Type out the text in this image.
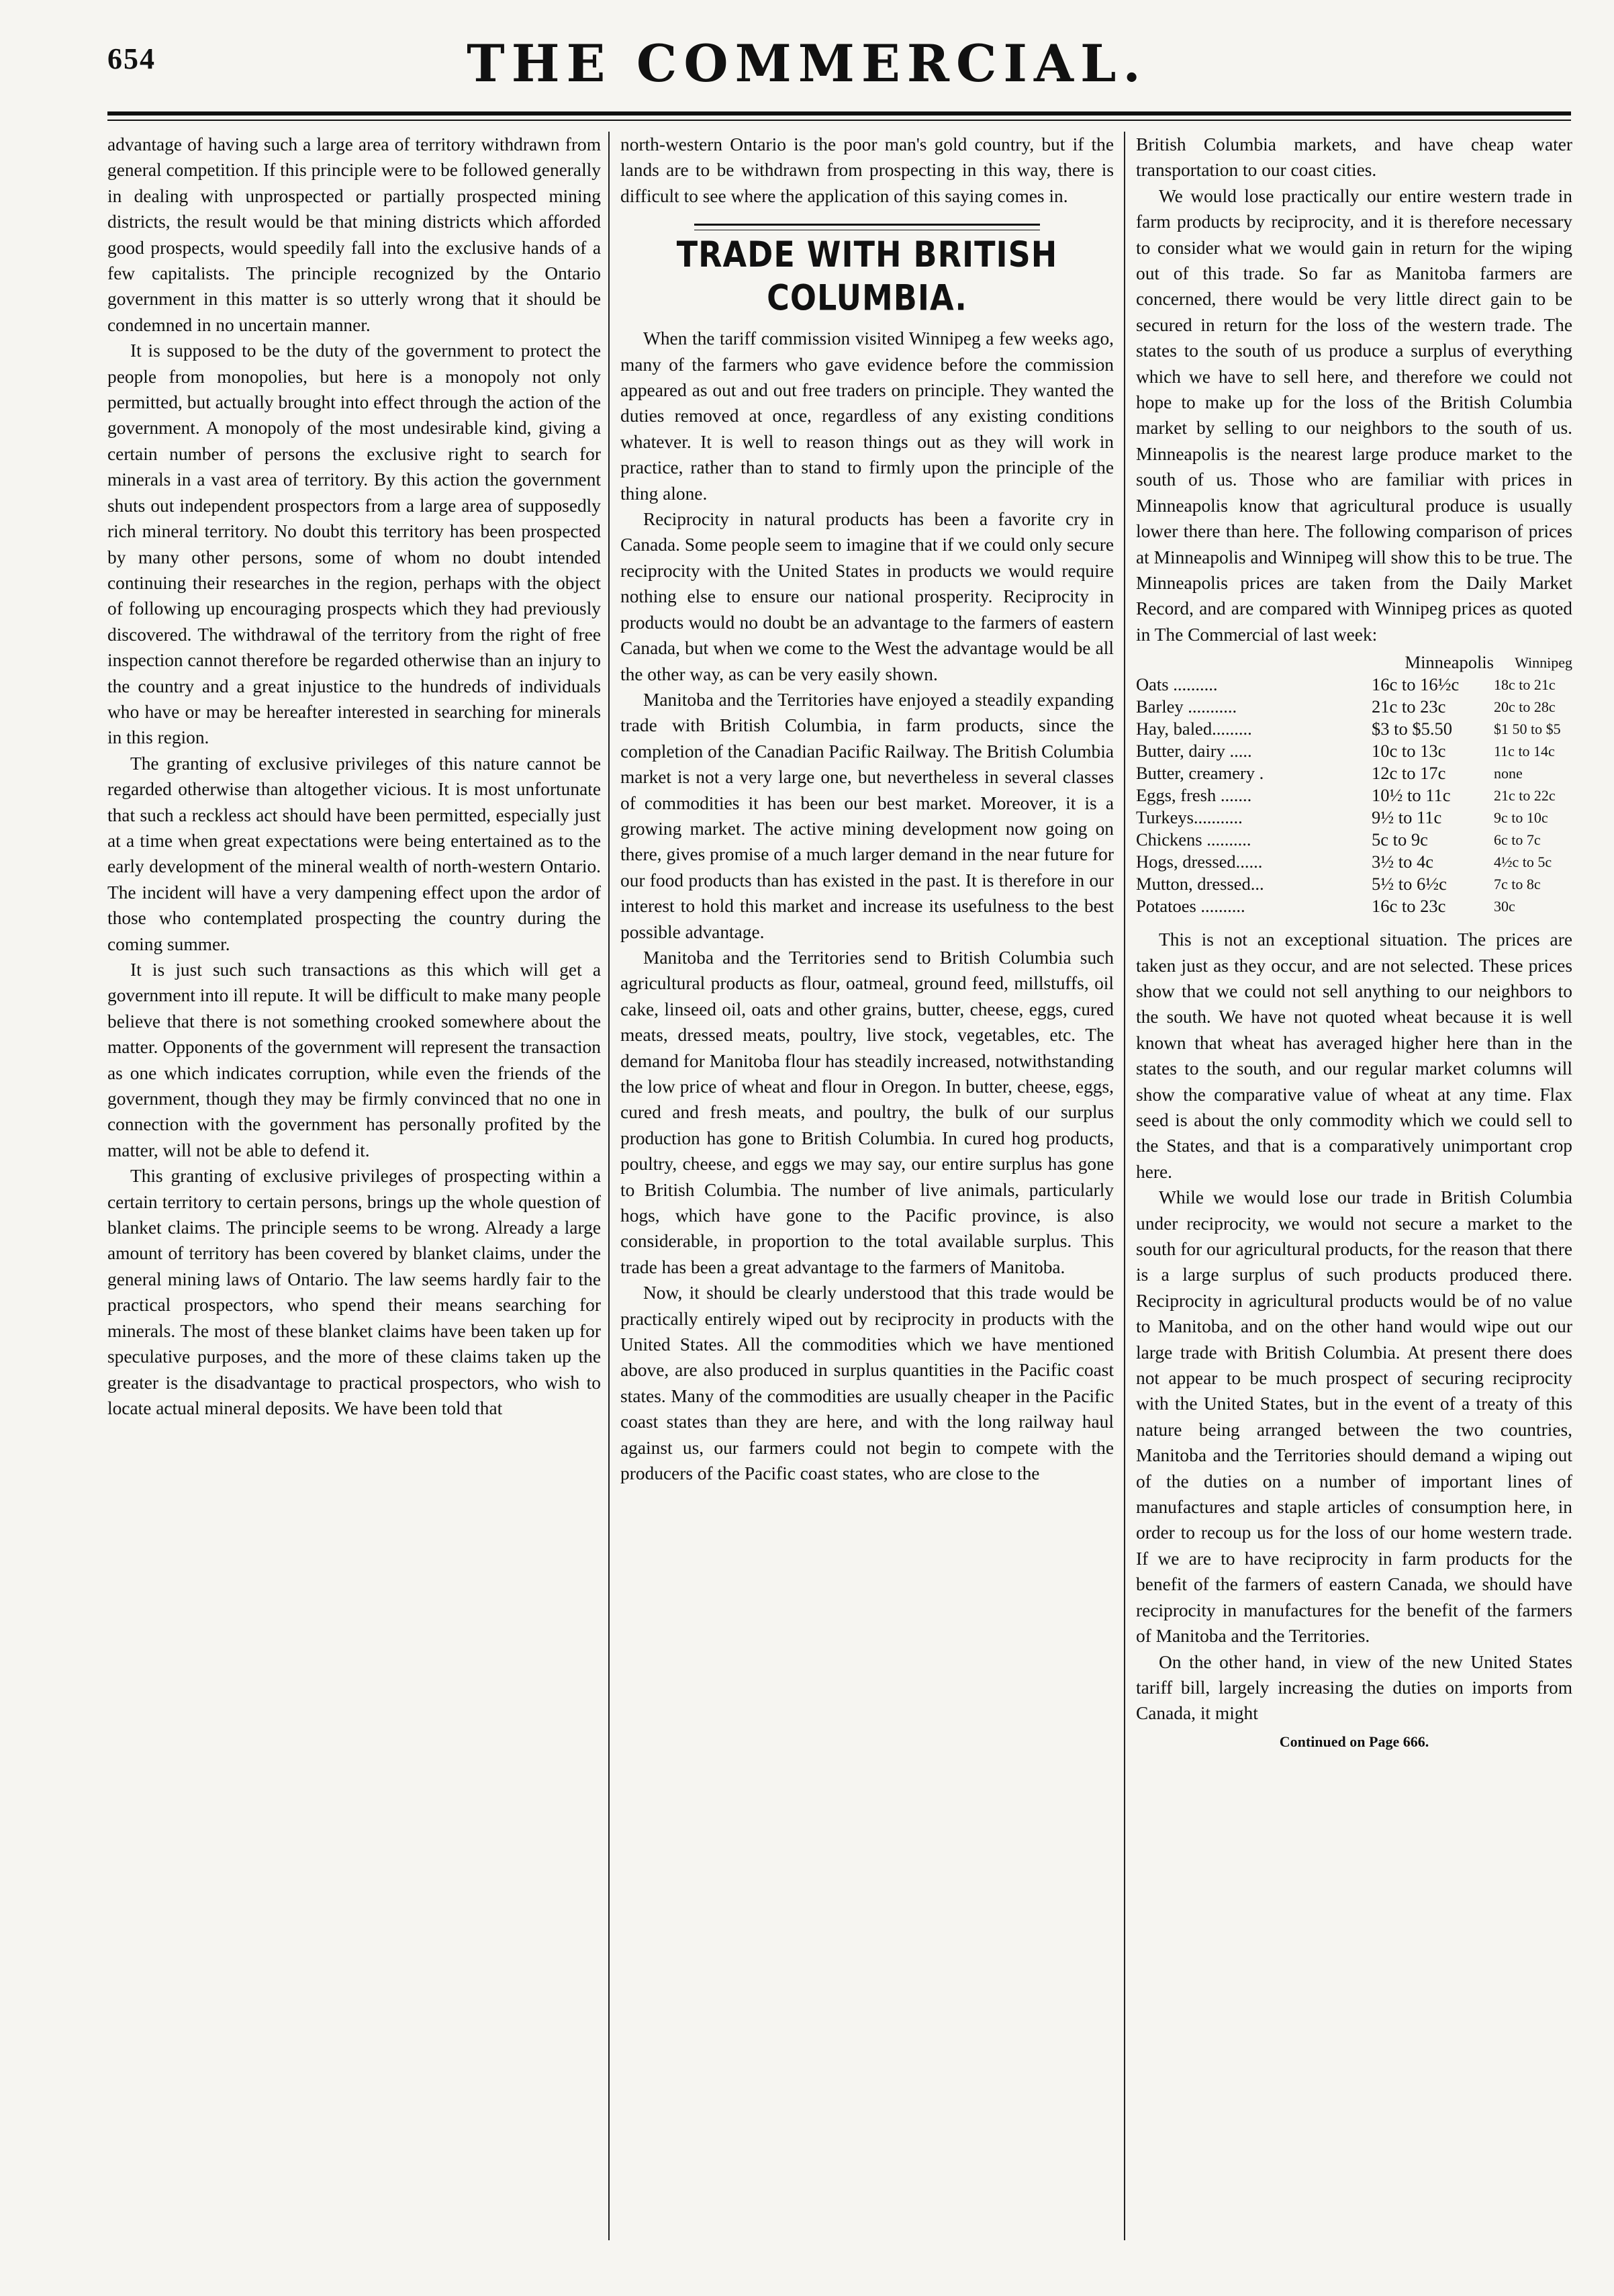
654	THE COMMERCIAL.

advantage of having such a large area of territory withdrawn from general competition. If this principle were to be followed generally in dealing with unprospected or partially prospected mining districts, the result would be that mining districts which afforded good prospects, would speedily fall into the exclusive hands of a few capitalists. The principle recognized by the Ontario government in this matter is so utterly wrong that it should be condemned in no uncertain manner.

It is supposed to be the duty of the government to protect the people from monopolies, but here is a monopoly not only permitted, but actually brought into effect through the action of the government. A monopoly of the most undesirable kind, giving a certain number of persons the exclusive right to search for minerals in a vast area of territory. By this action the government shuts out independent prospectors from a large area of supposedly rich mineral territory. No doubt this territory has been prospected by many other persons, some of whom no doubt intended continuing their researches in the region, perhaps with the object of following up encouraging prospects which they had previously discovered. The withdrawal of the territory from the right of free inspection cannot therefore be regarded otherwise than an injury to the country and a great injustice to the hundreds of individuals who have or may be hereafter interested in searching for minerals in this region.

The granting of exclusive privileges of this nature cannot be regarded otherwise than altogether vicious. It is most unfortunate that such a reckless act should have been permitted, especially just at a time when great expectations were being entertained as to the early development of the mineral wealth of north-western Ontario. The incident will have a very dampening effect upon the ardor of those who contemplated prospecting the country during the coming summer.

It is just such such transactions as this which will get a government into ill repute. It will be difficult to make many people believe that there is not something crooked somewhere about the matter. Opponents of the government will represent the transaction as one which indicates corruption, while even the friends of the government, though they may be firmly convinced that no one in connection with the government has personally profited by the matter, will not be able to defend it.

This granting of exclusive privileges of prospecting within a certain territory to certain persons, brings up the whole question of blanket claims. The principle seems to be wrong. Already a large amount of territory has been covered by blanket claims, under the general mining laws of Ontario. The law seems hardly fair to the practical prospectors, who spend their means searching for minerals. The most of these blanket claims have been taken up for speculative purposes, and the more of these claims taken up the greater is the disadvantage to practical prospectors, who wish to locate actual mineral deposits. We have been told that

north-western Ontario is the poor man's gold country, but if the lands are to be withdrawn from prospecting in this way, there is difficult to see where the application of this saying comes in.

TRADE WITH BRITISH COLUMBIA.

When the tariff commission visited Winnipeg a few weeks ago, many of the farmers who gave evidence before the commission appeared as out and out free traders on principle. They wanted the duties removed at once, regardless of any existing conditions whatever. It is well to reason things out as they will work in practice, rather than to stand to firmly upon the principle of the thing alone.

Reciprocity in natural products has been a favorite cry in Canada. Some people seem to imagine that if we could only secure reciprocity with the United States in products we would require nothing else to ensure our national prosperity. Reciprocity in products would no doubt be an advantage to the farmers of eastern Canada, but when we come to the West the advantage would be all the other way, as can be very easily shown.

Manitoba and the Territories have enjoyed a steadily expanding trade with British Columbia, in farm products, since the completion of the Canadian Pacific Railway. The British Columbia market is not a very large one, but nevertheless in several classes of commodities it has been our best market. Moreover, it is a growing market. The active mining development now going on there, gives promise of a much larger demand in the near future for our food products than has existed in the past. It is therefore in our interest to hold this market and increase its usefulness to the best possible advantage.

Manitoba and the Territories send to British Columbia such agricultural products as flour, oatmeal, ground feed, millstuffs, oil cake, linseed oil, oats and other grains, butter, cheese, eggs, cured meats, dressed meats, poultry, live stock, vegetables, etc. The demand for Manitoba flour has steadily increased, notwithstanding the low price of wheat and flour in Oregon. In butter, cheese, eggs, cured and fresh meats, and poultry, the bulk of our surplus production has gone to British Columbia. In cured hog products, poultry, cheese, and eggs we may say, our entire surplus has gone to British Columbia. The number of live animals, particularly hogs, which have gone to the Pacific province, is also considerable, in proportion to the total available surplus. This trade has been a great advantage to the farmers of Manitoba.

Now, it should be clearly understood that this trade would be practically entirely wiped out by reciprocity in products with the United States. All the commodities which we have mentioned above, are also produced in surplus quantities in the Pacific coast states. Many of the commodities are usually cheaper in the Pacific coast states than they are here, and with the long railway haul against us, our farmers could not begin to compete with the producers of the Pacific coast states, who are close to the

British Columbia markets, and have cheap water transportation to our coast cities.

We would lose practically our entire western trade in farm products by reciprocity, and it is therefore necessary to consider what we would gain in return for the wiping out of this trade. So far as Manitoba farmers are concerned, there would be very little direct gain to be secured in return for the loss of the western trade. The states to the south of us produce a surplus of everything which we have to sell here, and therefore we could not hope to make up for the loss of the British Columbia market by selling to our neighbors to the south of us. Minneapolis is the nearest large produce market to the south of us. Those who are familiar with prices in Minneapolis know that agricultural produce is usually lower there than here. The following comparison of prices at Minneapolis and Winnipeg will show this to be true. The Minneapolis prices are taken from the Daily Market Record, and are compared with Winnipeg prices as quoted in The Commercial of last week:

	Minneapolis	Winnipeg
Oats ..........	16c to 16½c	18c to 21c
Barley ...........	21c to 23c	20c to 28c
Hay, baled.........	$3 to $5.50	$1 50 to $5
Butter, dairy .....	10c to 13c	11c to 14c
Butter, creamery .	12c to 17c	none
Eggs, fresh .......	10½ to 11c	21c to 22c
Turkeys...........	9½ to 11c	9c to 10c
Chickens ..........	5c to 9c	6c to 7c
Hogs, dressed......	3½ to 4c	4½c to 5c
Mutton, dressed...	5½ to 6½c	7c to 8c
Potatoes ..........	16c to 23c	30c

This is not an exceptional situation. The prices are taken just as they occur, and are not selected. These prices show that we could not sell anything to our neighbors to the south. We have not quoted wheat because it is well known that wheat has averaged higher here than in the states to the south, and our regular market columns will show the comparative value of wheat at any time. Flax seed is about the only commodity which we could sell to the States, and that is a comparatively unimportant crop here.

While we would lose our trade in British Columbia under reciprocity, we would not secure a market to the south for our agricultural products, for the reason that there is a large surplus of such products produced there. Reciprocity in agricultural products would be of no value to Manitoba, and on the other hand would wipe out our large trade with British Columbia. At present there does not appear to be much prospect of securing reciprocity with the United States, but in the event of a treaty of this nature being arranged between the two countries, Manitoba and the Territories should demand a wiping out of the duties on a number of important lines of manufactures and staple articles of consumption here, in order to recoup us for the loss of our home western trade. If we are to have reciprocity in farm products for the benefit of the farmers of eastern Canada, we should have reciprocity in manufactures for the benefit of the farmers of Manitoba and the Territories.

On the other hand, in view of the new United States tariff bill, largely increasing the duties on imports from Canada, it might

Continued on Page 666.
